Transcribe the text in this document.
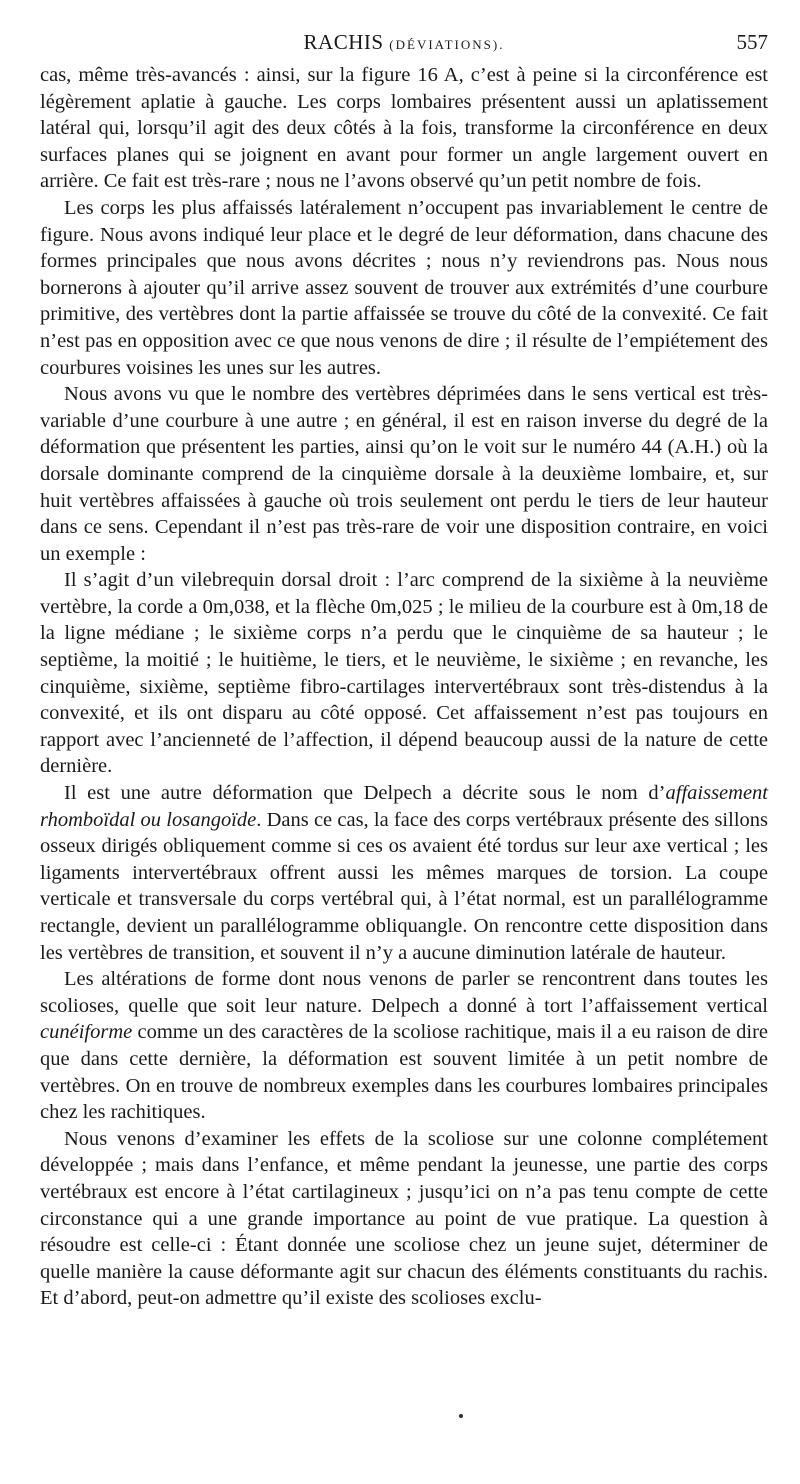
RACHIS (DÉVIATIONS).	557

cas, même très-avancés : ainsi, sur la figure 16 A, c’est à peine si la circonférence est légèrement aplatie à gauche. Les corps lombaires présentent aussi un aplatissement latéral qui, lorsqu’il agit des deux côtés à la fois, transforme la circonférence en deux surfaces planes qui se joignent en avant pour former un angle largement ouvert en arrière. Ce fait est très-rare ; nous ne l’avons observé qu’un petit nombre de fois.

Les corps les plus affaissés latéralement n’occupent pas invariablement le centre de figure. Nous avons indiqué leur place et le degré de leur déformation, dans chacune des formes principales que nous avons décrites ; nous n’y reviendrons pas. Nous nous bornerons à ajouter qu’il arrive assez souvent de trouver aux extrémités d’une courbure primitive, des vertèbres dont la partie affaissée se trouve du côté de la convexité. Ce fait n’est pas en opposition avec ce que nous venons de dire ; il résulte de l’empiétement des courbures voisines les unes sur les autres.

Nous avons vu que le nombre des vertèbres déprimées dans le sens vertical est très-variable d’une courbure à une autre ; en général, il est en raison inverse du degré de la déformation que présentent les parties, ainsi qu’on le voit sur le numéro 44 (A.H.) où la dorsale dominante comprend de la cinquième dorsale à la deuxième lombaire, et, sur huit vertèbres affaissées à gauche où trois seulement ont perdu le tiers de leur hauteur dans ce sens. Cependant il n’est pas très-rare de voir une disposition contraire, en voici un exemple :

Il s’agit d’un vilebrequin dorsal droit : l’arc comprend de la sixième à la neuvième vertèbre, la corde a 0m,038, et la flèche 0m,025 ; le milieu de la courbure est à 0m,18 de la ligne médiane ; le sixième corps n’a perdu que le cinquième de sa hauteur ; le septième, la moitié ; le huitième, le tiers, et le neuvième, le sixième ; en revanche, les cinquième, sixième, septième fibro-cartilages intervertébraux sont très-distendus à la convexité, et ils ont disparu au côté opposé. Cet affaissement n’est pas toujours en rapport avec l’ancienneté de l’affection, il dépend beaucoup aussi de la nature de cette dernière.

Il est une autre déformation que Delpech a décrite sous le nom d’affaissement rhomboïdal ou losangoïde. Dans ce cas, la face des corps vertébraux présente des sillons osseux dirigés obliquement comme si ces os avaient été tordus sur leur axe vertical ; les ligaments intervertébraux offrent aussi les mêmes marques de torsion. La coupe verticale et transversale du corps vertébral qui, à l’état normal, est un parallélogramme rectangle, devient un parallélogramme obliquangle. On rencontre cette disposition dans les vertèbres de transition, et souvent il n’y a aucune diminution latérale de hauteur.

Les altérations de forme dont nous venons de parler se rencontrent dans toutes les scolioses, quelle que soit leur nature. Delpech a donné à tort l’affaissement vertical cunéiforme comme un des caractères de la scoliose rachitique, mais il a eu raison de dire que dans cette dernière, la déformation est souvent limitée à un petit nombre de vertèbres. On en trouve de nombreux exemples dans les courbures lombaires principales chez les rachitiques.

Nous venons d’examiner les effets de la scoliose sur une colonne complétement développée ; mais dans l’enfance, et même pendant la jeunesse, une partie des corps vertébraux est encore à l’état cartilagineux ; jusqu’ici on n’a pas tenu compte de cette circonstance qui a une grande importance au point de vue pratique. La question à résoudre est celle-ci : Étant donnée une scoliose chez un jeune sujet, déterminer de quelle manière la cause déformante agit sur chacun des éléments constituants du rachis. Et d’abord, peut-on admettre qu’il existe des scolioses exclu-
